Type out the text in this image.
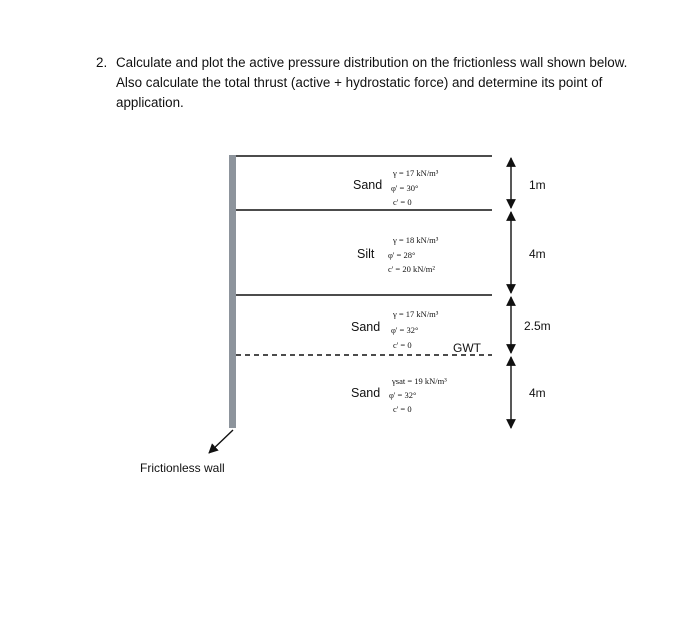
2. Calculate and plot the active pressure distribution on the frictionless wall shown below. Also calculate the total thrust (active + hydrostatic force) and determine its point of application.
GWT
Sand
γ = 17 kN/m³
φ' = 30°
c' = 0
Silt
γ = 18 kN/m³
φ' = 28°
c' = 20 kN/m²
Sand
γ = 17 kN/m³
φ' = 32°
c' = 0
Sand
γsat = 19 kN/m³
φ' = 32°
c' = 0
1m
4m
2.5m
4m
Frictionless wall
